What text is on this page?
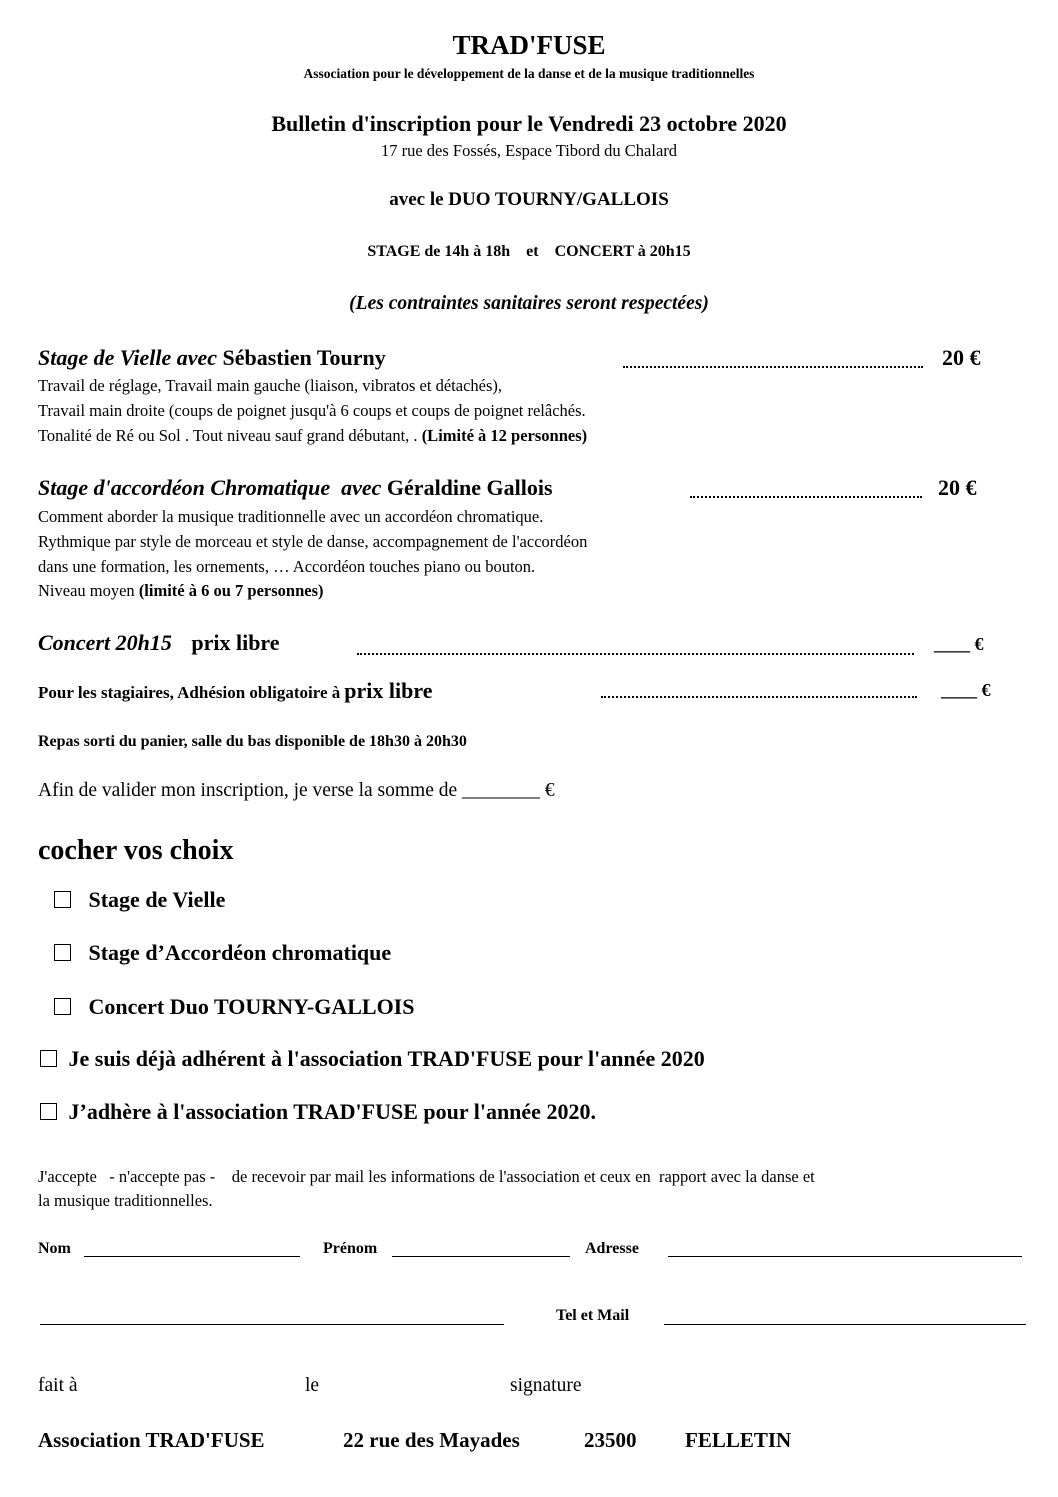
TRAD'FUSE
Association pour le développement de la danse et de la musique traditionnelles
Bulletin d'inscription pour le Vendredi 23 octobre 2020
17 rue des Fossés, Espace Tibord du Chalard
avec le DUO TOURNY/GALLOIS
STAGE de 14h à 18h    et    CONCERT à 20h15
(Les contraintes sanitaires seront respectées)
Stage de Vielle avec Sébastien Tourny	20 €
Travail de réglage, Travail main gauche (liaison, vibratos et détachés),
Travail main droite (coups de poignet jusqu'à 6 coups et coups de poignet relâchés.
Tonalité de Ré ou Sol . Tout niveau sauf grand débutant, . (Limité à 12 personnes)
Stage d'accordéon Chromatique  avec Géraldine Gallois	20 €
Comment aborder la musique traditionnelle avec un accordéon chromatique.
Rythmique par style de morceau et style de danse, accompagnement de l'accordéon
dans une formation, les ornements, … Accordéon touches piano ou bouton.
Niveau moyen (limité à 6 ou 7 personnes)
Concert 20h15 prix libre	____ €
Pour les stagiaires, Adhésion obligatoire à prix libre	____ €
Repas sorti du panier, salle du bas disponible de 18h30 à 20h30
Afin de valider mon inscription, je verse la somme de ________ €
cocher vos choix
Stage de Vielle
Stage d’Accordéon chromatique
Concert Duo TOURNY-GALLOIS
Je suis déjà adhérent à l'association TRAD'FUSE pour l'année 2020
J’adhère à l'association TRAD'FUSE pour l'année 2020.
J'accepte   - n'accepte pas -    de recevoir par mail les informations de l'association et ceux en  rapport avec la danse et
la musique traditionnelles.
Nom	Prénom	Adresse
Tel et Mail
fait à	le	signature
Association TRAD'FUSE	22 rue des Mayades	23500 FELLETIN
